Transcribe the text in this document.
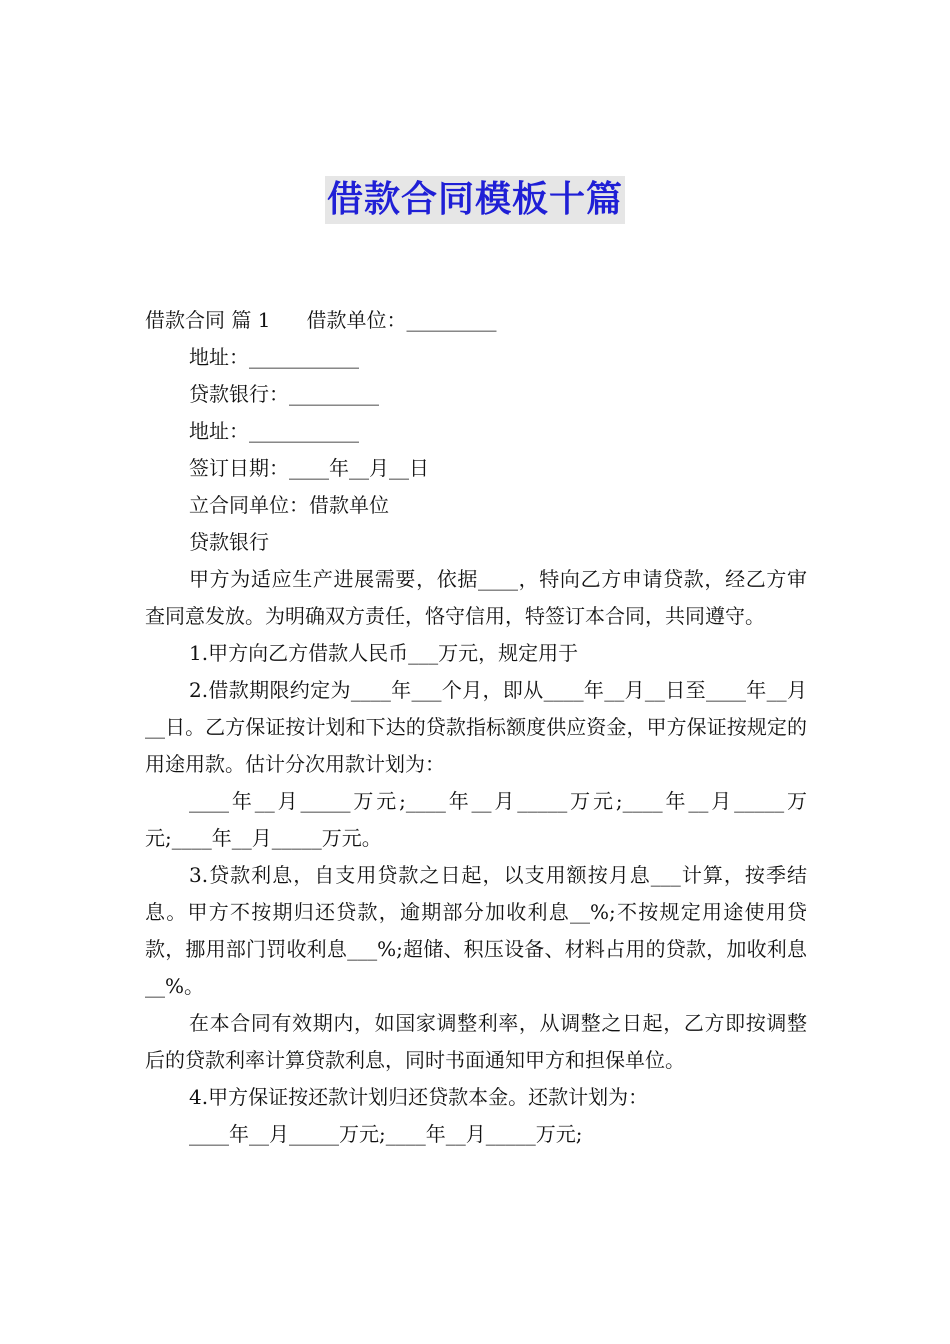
借款合同模板十篇
借款合同 篇 1 借款单位：_________
地址：___________
贷款银行：_________
地址：___________
签订日期：____年__月__日
立合同单位：借款单位
贷款银行

甲方为适应生产进展需要，依据____，特向乙方申请贷款，经乙方审查同意发放。为明确双方责任，恪守信用，特签订本合同，共同遵守。

1.甲方向乙方借款人民币___万元，规定用于

2.借款期限约定为____年___个月，即从____年__月__日至____年__月__日。乙方保证按计划和下达的贷款指标额度供应资金，甲方保证按规定的用途用款。估计分次用款计划为：

____年__月_____万元;____年__月_____万元;____年__月_____万元;____年__月_____万元。

3.贷款利息，自支用贷款之日起，以支用额按月息___计算，按季结息。甲方不按期归还贷款，逾期部分加收利息__%;不按规定用途使用贷款，挪用部门罚收利息___%;超储、积压设备、材料占用的贷款，加收利息__%。

在本合同有效期内，如国家调整利率，从调整之日起，乙方即按调整后的贷款利率计算贷款利息，同时书面通知甲方和担保单位。

4.甲方保证按还款计划归还贷款本金。还款计划为：

____年__月_____万元;____年__月_____万元;
